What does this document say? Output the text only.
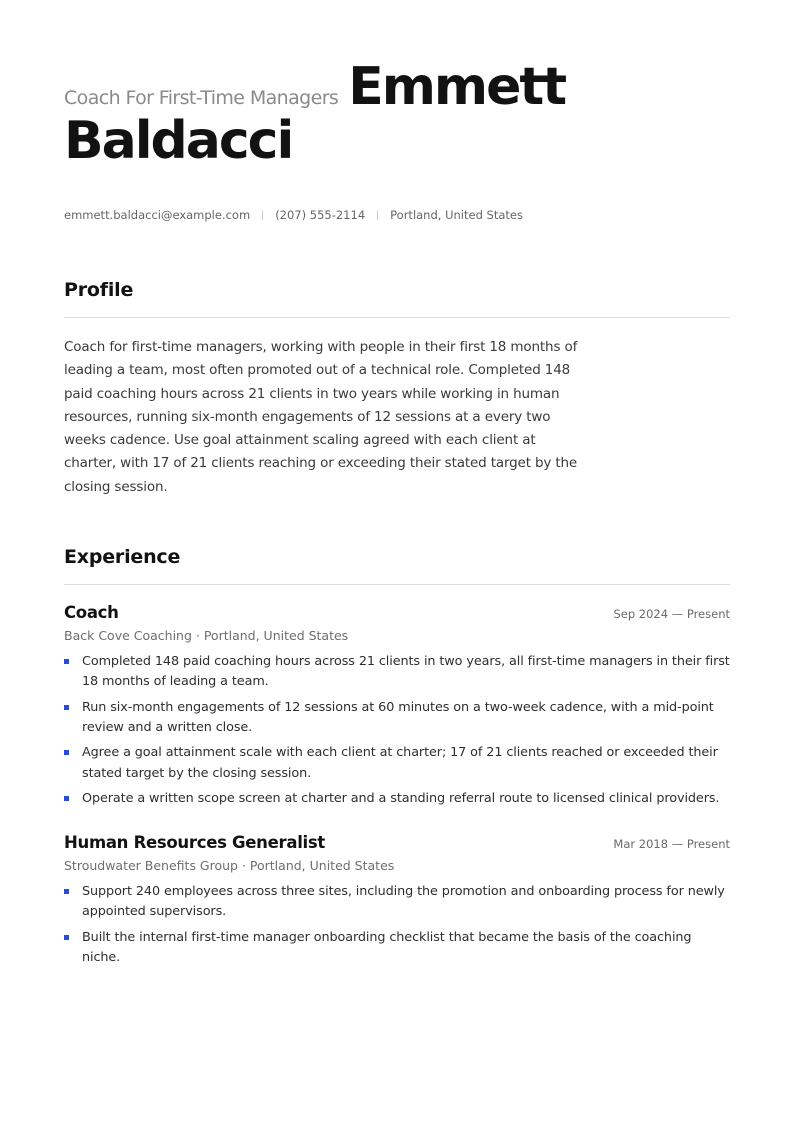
Coach For First-Time Managers Emmett
Baldacci
emmett.baldacci@example.com (207) 555-2114 Portland, United States
Profile

Coach for first-time managers, working with people in their first 18 months of leading a team, most often promoted out of a technical role. Completed 148 paid coaching hours across 21 clients in two years while working in human resources, running six-month engagements of 12 sessions at a every two weeks cadence. Use goal attainment scaling agreed with each client at charter, with 17 of 21 clients reaching or exceeding their stated target by the closing session.

Experience
Coach	Sep 2024 — Present
Back Cove Coaching · Portland, United States
Completed 148 paid coaching hours across 21 clients in two years, all first-time managers in their first 18 months of leading a team.
Run six-month engagements of 12 sessions at 60 minutes on a two-week cadence, with a mid-point review and a written close.
Agree a goal attainment scale with each client at charter; 17 of 21 clients reached or exceeded their stated target by the closing session.
Operate a written scope screen at charter and a standing referral route to licensed clinical providers.
Human Resources Generalist	Mar 2018 — Present
Stroudwater Benefits Group · Portland, United States
Support 240 employees across three sites, including the promotion and onboarding process for newly appointed supervisors.
Built the internal first-time manager onboarding checklist that became the basis of the coaching niche.
